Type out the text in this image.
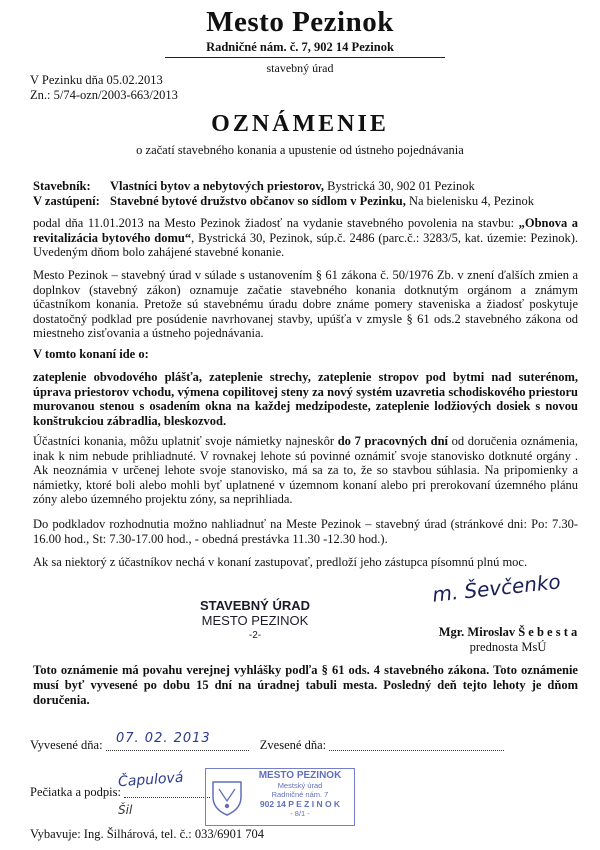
Mesto Pezinok
Radničné nám. č. 7, 902 14 Pezinok
stavebný úrad
V Pezinku dňa 05.02.2013
Zn.: 5/74-ozn/2003-663/2013
OZNÁMENIE
o začatí stavebného konania a upustenie od ústneho pojednávania
Stavebník:	Vlastníci bytov a nebytových priestorov, Bystrická 30, 902 01 Pezinok
V zastúpení: Stavebné bytové družstvo občanov so sídlom v Pezinku, Na bielenisku 4, Pezinok
podal dňa 11.01.2013 na Mesto Pezinok žiadosť na vydanie stavebného povolenia na stavbu: „Obnova a revitalizácia bytového domu“, Bystrická 30, Pezinok, súp.č. 2486 (parc.č.: 3283/5, kat. územie: Pezinok). Uvedeným dňom bolo zahájené stavebné konanie.
Mesto Pezinok – stavebný úrad v súlade s ustanovením § 61 zákona č. 50/1976 Zb. v znení ďalších zmien a doplnkov (stavebný zákon) oznamuje začatie stavebného konania dotknutým orgánom a známym účastníkom konania. Pretože sú stavebnému úradu dobre známe pomery staveniska a žiadosť poskytuje dostatočný podklad pre posúdenie navrhovanej stavby, upúšťa v zmysle § 61 ods.2 stavebného zákona od miestneho zisťovania a ústneho pojednávania.
V tomto konaní ide o:
zateplenie obvodového plášťa, zateplenie strechy, zateplenie stropov pod bytmi nad suterénom, úprava priestorov vchodu, výmena copilitovej steny za nový systém uzavretia schodiskového priestoru murovanou stenou s osadením okna na každej medzipodeste, zateplenie lodžiových dosiek s novou konštrukciou zábradlia, bleskozvod.
Účastníci konania, môžu uplatniť svoje námietky najneskôr do 7 pracovných dní od doručenia oznámenia, inak k nim nebude prihliadnuté. V rovnakej lehote sú povinné oznámiť svoje stanovisko dotknuté orgány . Ak neoznámia v určenej lehote svoje stanovisko, má sa za to, že so stavbou súhlasia. Na pripomienky a námietky, ktoré boli alebo mohli byť uplatnené v územnom konaní alebo pri prerokovaní územného plánu zóny alebo územného projektu zóny, sa neprihliada.
Do podkladov rozhodnutia možno nahliadnuť na Meste Pezinok – stavebný úrad (stránkové dni: Po: 7.30-16.00 hod., St: 7.30-17.00 hod., - obedná prestávka 11.30 -12.30 hod.).
Ak sa niektorý z účastníkov nechá v konaní zastupovať, predloží jeho zástupca písomnú plnú moc.
STAVEBNÝ ÚRAD
MESTO PEZINOK
-2-
m. Ševčenko
Mgr. Miroslav Š e b e s t a
prednosta MsÚ
Toto oznámenie má povahu verejnej vyhlášky podľa § 61 ods. 4 stavebného zákona. Toto oznámenie musí byť vyvesené po dobu 15 dní na úradnej tabuli mesta. Posledný deň tejto lehoty je dňom doručenia.
Vyvesené dňa:	Zvesené dňa:
07. 02. 2013
Pečiatka a podpis:
Čapulová	MESTO PEZINOK
Mestský úrad
Radničné nám. 7
902 14 P E Z I N O K
- 8/1 -
Šil
Vybavuje: Ing. Šilhárová, tel. č.: 033/6901 704
